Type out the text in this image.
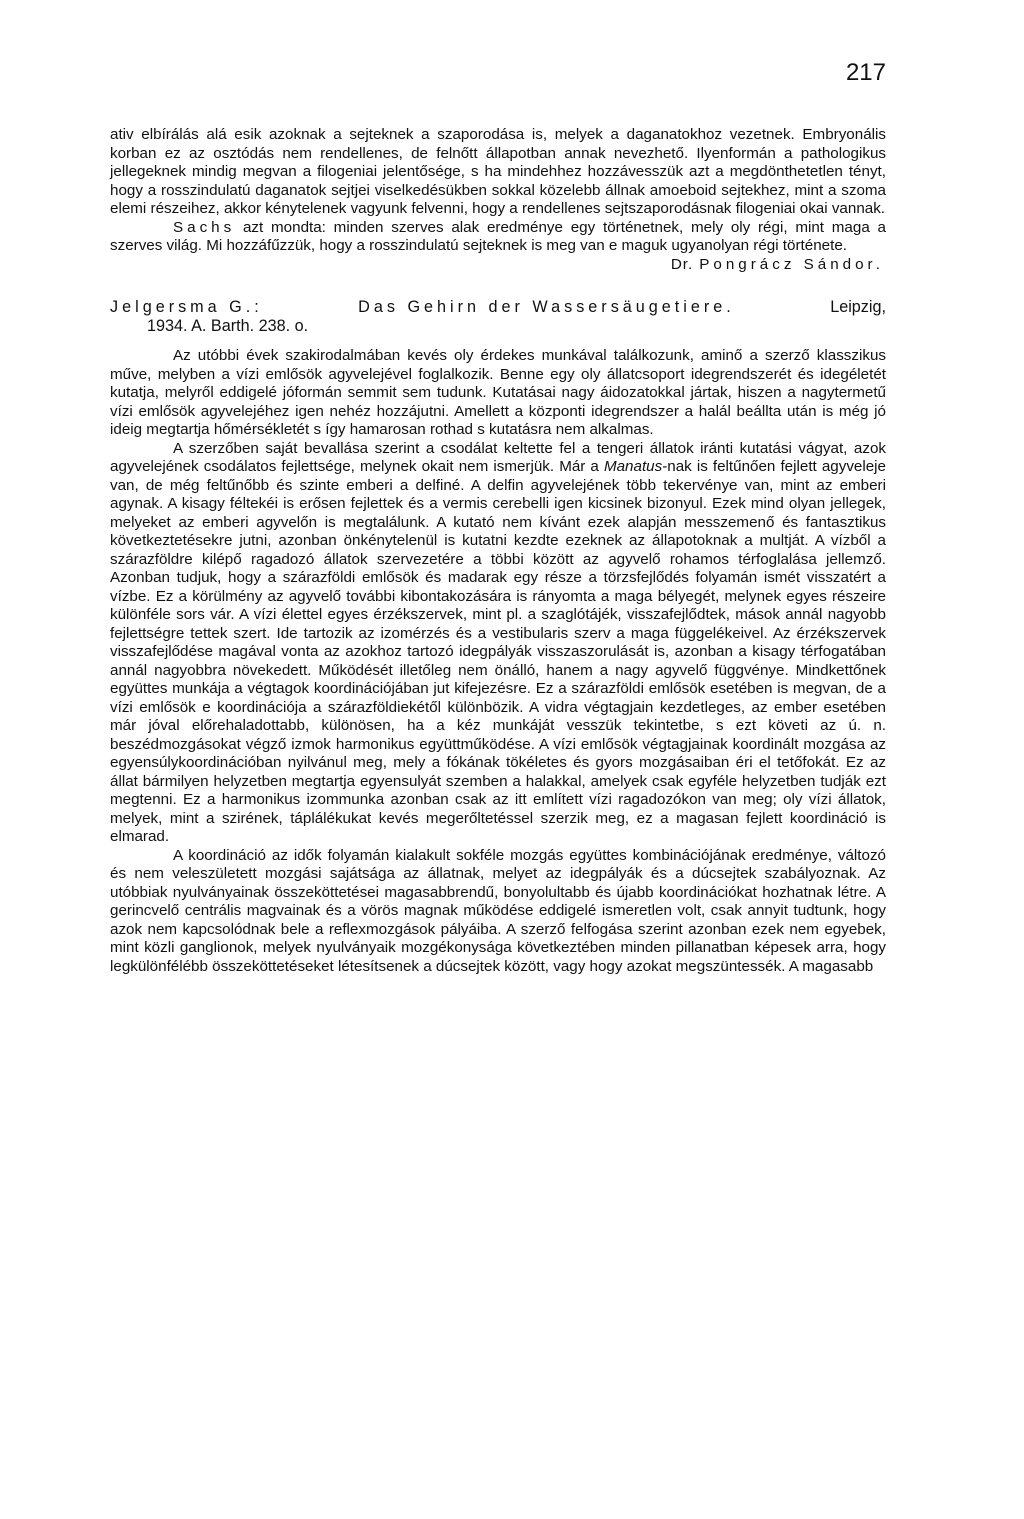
217

ativ elbírálás alá esik azoknak a sejteknek a szaporodása is, melyek a daganatokhoz vezetnek. Embryonális korban ez az osztódás nem rendellenes, de felnőtt állapotban annak nevezhető. Ilyenformán a pathologikus jellegeknek mindig megvan a filogeniai jelentősége, s ha mindehhez hozzávesszük azt a megdönthetetlen tényt, hogy a rosszindulatú daganatok sejtjei viselkedésükben sokkal közelebb állnak amoeboid sejtekhez, mint a szoma elemi részeihez, akkor kénytelenek vagyunk felvenni, hogy a rendellenes sejtszaporodásnak filogeniai okai vannak.

Sachs azt mondta: minden szerves alak eredménye egy történetnek, mely oly régi, mint maga a szerves világ. Mi hozzáfűzzük, hogy a rosszindulatú sejteknek is meg van e maguk ugyanolyan régi története.

Dr. Pongrácz Sándor.

Jelgersma G.:	Das Gehirn der Wassersäugetiere.	Leipzig,
1934. A. Barth. 238. o.

Az utóbbi évek szakirodalmában kevés oly érdekes munkával találkozunk, aminő a szerző klasszikus műve, melyben a vízi emlősök agyvelejével foglalkozik. Benne egy oly állatcsoport idegrendszerét és idegéletét kutatja, melyről eddigelé jóformán semmit sem tudunk. Kutatásai nagy áidozatokkal jártak, hiszen a nagytermetű vízi emlősök agyvelejéhez igen nehéz hozzájutni. Amellett a központi idegrendszer a halál beállta után is még jó ideig megtartja hőmérsékletét s így hamarosan rothad s kutatásra nem alkalmas.

A szerzőben saját bevallása szerint a csodálat keltette fel a tengeri állatok iránti kutatási vágyat, azok agyvelejének csodálatos fejlettsége, melynek okait nem ismerjük. Már a Manatus-nak is feltűnően fejlett agyveleje van, de még feltűnőbb és szinte emberi a delfiné. A delfin agyvelejének több tekervénye van, mint az emberi agynak. A kisagy féltekéi is erősen fejlettek és a vermis cerebelli igen kicsinek bizonyul. Ezek mind olyan jellegek, melyeket az emberi agyvelőn is megtalálunk. A kutató nem kívánt ezek alapján messzemenő és fantasztikus következtetésekre jutni, azonban önkénytelenül is kutatni kezdte ezeknek az állapotoknak a multját. A vízből a szárazföldre kilépő ragadozó állatok szervezetére a többi között az agyvelő rohamos térfoglalása jellemző. Azonban tudjuk, hogy a szárazföldi emlősök és madarak egy része a törzsfejlődés folyamán ismét visszatért a vízbe. Ez a körülmény az agyvelő további kibontakozására is rányomta a maga bélyegét, melynek egyes részeire különféle sors vár. A vízi élettel egyes érzékszervek, mint pl. a szaglótájék, visszafejlődtek, mások annál nagyobb fejlettségre tettek szert. Ide tartozik az izomérzés és a vestibularis szerv a maga függelékeivel. Az érzékszervek visszafejlődése magával vonta az azokhoz tartozó idegpályák visszaszorulását is, azonban a kisagy térfogatában annál nagyobbra növekedett. Működését illetőleg nem önálló, hanem a nagy agyvelő függvénye. Mindkettőnek együttes munkája a végtagok koordinációjában jut kifejezésre. Ez a szárazföldi emlősök esetében is megvan, de a vízi emlősök e koordinációja a szárazföldiekétől különbözik. A vidra végtagjain kezdetleges, az ember esetében már jóval előrehaladottabb, különösen, ha a kéz munkáját vesszük tekintetbe, s ezt követi az ú. n. beszédmozgásokat végző izmok harmonikus együttműködése. A vízi emlősök végtagjainak koordinált mozgása az egyensúlykoordinációban nyilvánul meg, mely a fókának tökéletes és gyors mozgásaiban éri el tetőfokát. Ez az állat bármilyen helyzetben megtartja egyensulyát szemben a halakkal, amelyek csak egyféle helyzetben tudják ezt megtenni. Ez a harmonikus izommunka azonban csak az itt említett vízi ragadozókon van meg; oly vízi állatok, melyek, mint a szirének, táplálékukat kevés megerőltetéssel szerzik meg, ez a magasan fejlett koordináció is elmarad.

A koordináció az idők folyamán kialakult sokféle mozgás együttes kombinációjának eredménye, változó és nem veleszületett mozgási sajátsága az állatnak, melyet az idegpályák és a dúcsejtek szabályoznak. Az utóbbiak nyulványainak összeköttetései magasabbrendű, bonyolultabb és újabb koordinációkat hozhatnak létre. A gerincvelő centrális magvainak és a vörös magnak működése eddigelé ismeretlen volt, csak annyit tudtunk, hogy azok nem kapcsolódnak bele a reflexmozgások pályáiba. A szerző felfogása szerint azonban ezek nem egyebek, mint közli ganglionok, melyek nyulványaik mozgékonysága következtében minden pillanatban képesek arra, hogy legkülönfélébb összeköttetéseket létesítsenek a dúcsejtek között, vagy hogy azokat megszüntessék. A magasabb
